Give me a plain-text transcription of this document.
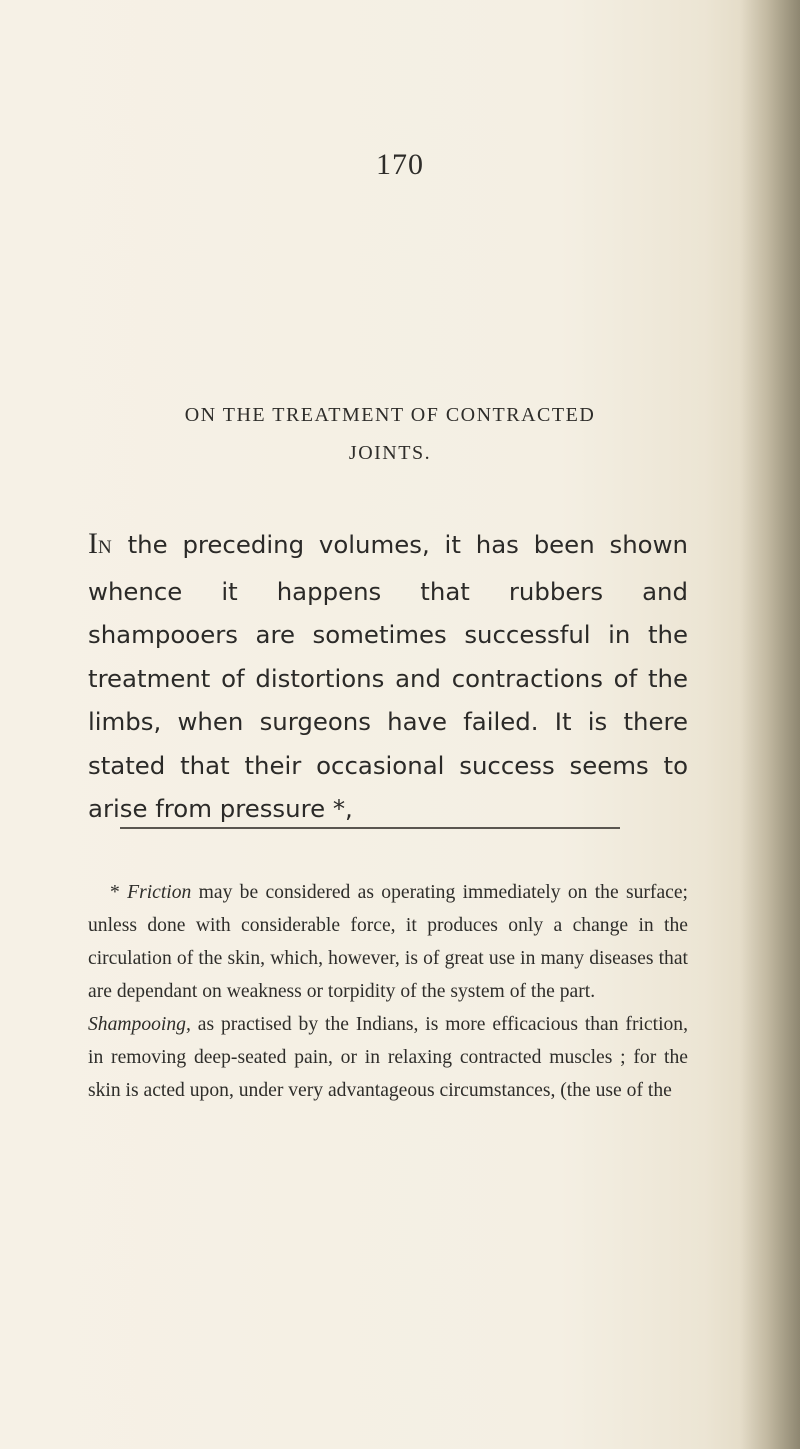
170
ON THE TREATMENT OF CONTRACTED
JOINTS.

IN the preceding volumes, it has been shown whence it happens that rubbers and shampooers are sometimes successful in the treatment of distortions and contractions of the limbs, when surgeons have failed. It is there stated that their occasional success seems to arise from pressure *,

* Friction may be considered as operating immediately on the surface; unless done with considerable force, it produces only a change in the circulation of the skin, which, however, is of great use in many diseases that are dependant on weakness or torpidity of the system of the part.
Shampooing, as practised by the Indians, is more efficacious than friction, in removing deep-seated pain, or in relaxing contracted muscles ; for the skin is acted upon, under very advantageous circumstances, (the use of the
